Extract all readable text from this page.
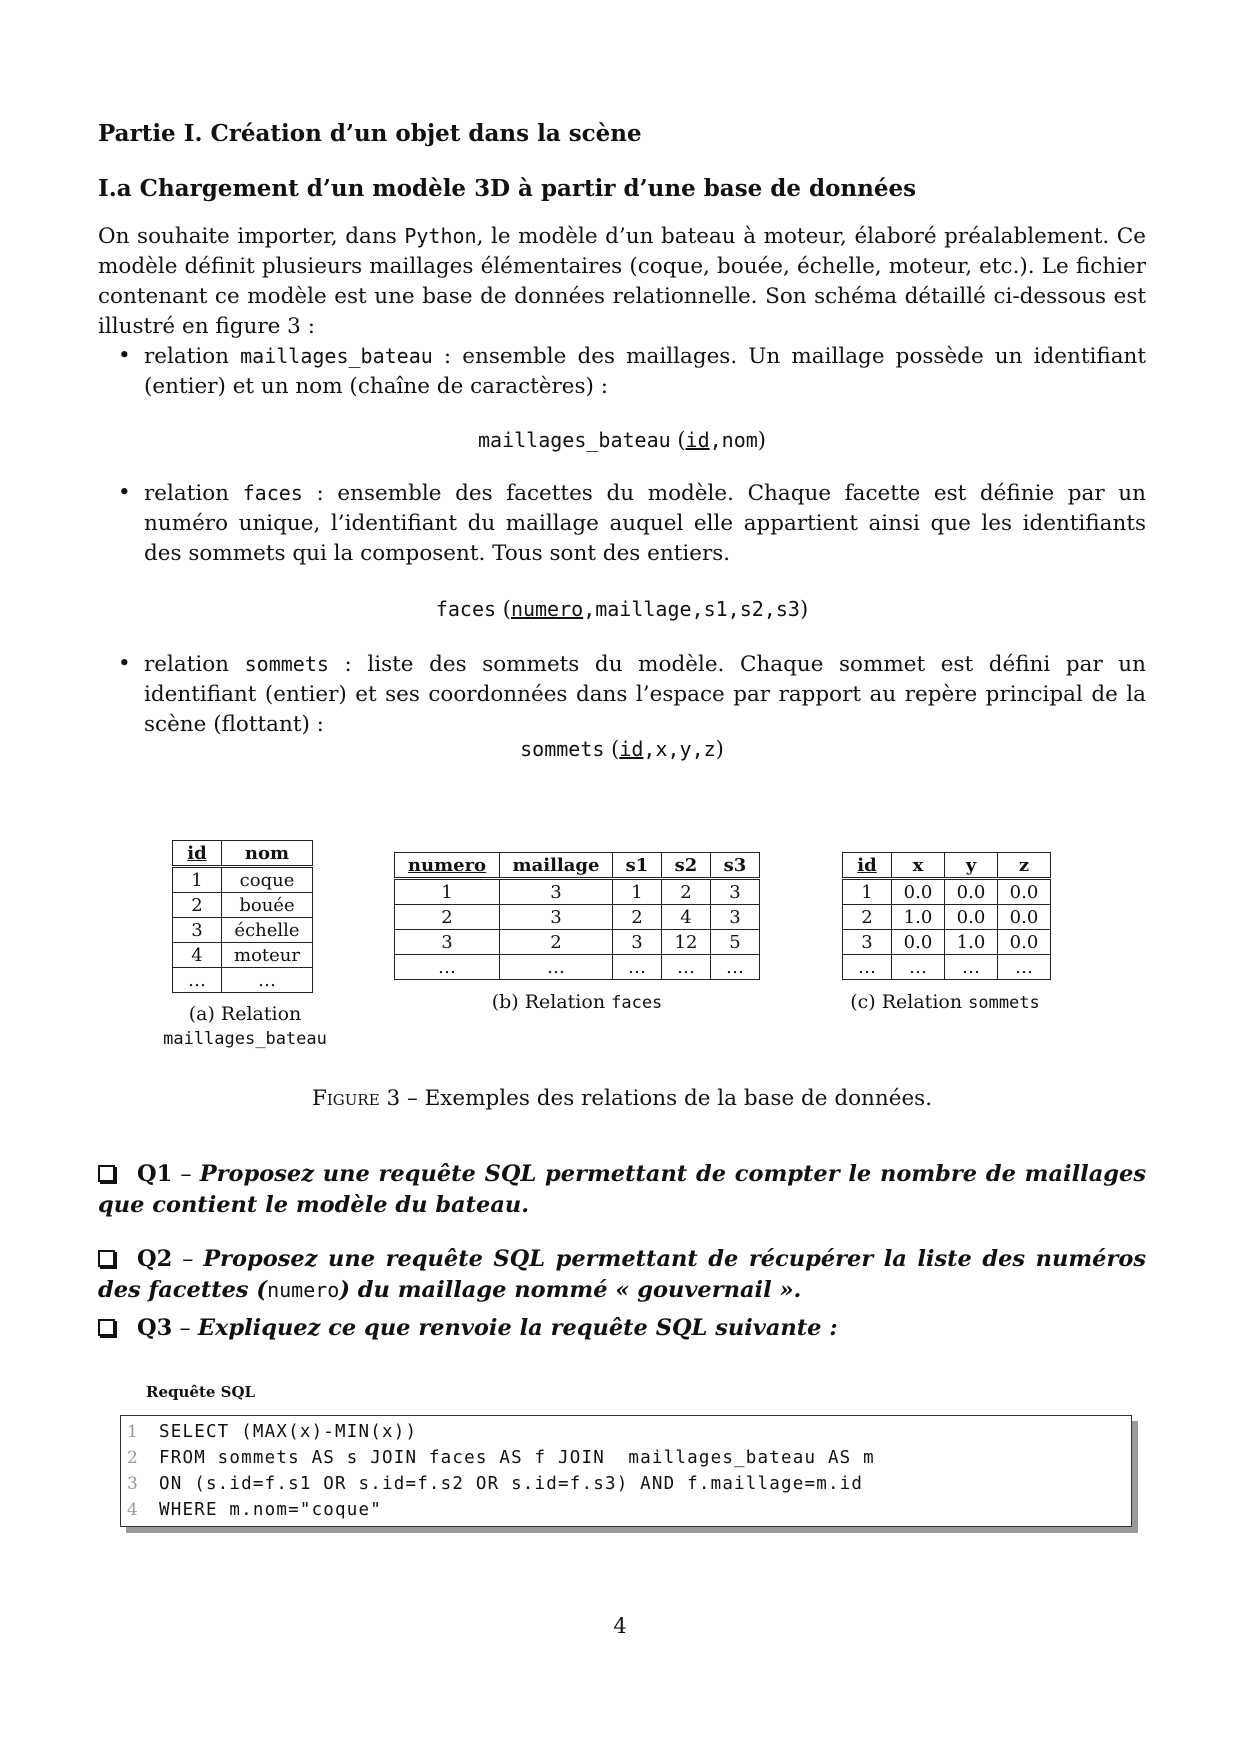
Partie I. Création d’un objet dans la scène
I.a Chargement d’un modèle 3D à partir d’une base de données
On souhaite importer, dans Python, le modèle d’un bateau à moteur, élaboré préalablement. Ce modèle définit plusieurs maillages élémentaires (coque, bouée, échelle, moteur, etc.). Le fichier contenant ce modèle est une base de données relationnelle. Son schéma détaillé ci-dessous est illustré en figure 3 :
• relation maillages_bateau : ensemble des maillages. Un maillage possède un identifiant (entier) et un nom (chaîne de caractères) :
maillages_bateau (id,nom)
• relation faces : ensemble des facettes du modèle. Chaque facette est définie par un numéro unique, l’identifiant du maillage auquel elle appartient ainsi que les identifiants des sommets qui la composent. Tous sont des entiers.
faces (numero,maillage,s1,s2,s3)
• relation sommets : liste des sommets du modèle. Chaque sommet est défini par un identifiant (entier) et ses coordonnées dans l’espace par rapport au repère principal de la scène (flottant) :
sommets (id,x,y,z)
id	nom
1	coque
2	bouée
3	échelle
4	moteur
…	…
(a) Relation
maillages_bateau
numero	maillage	s1	s2	s3
1	3	1	2	3
2	3	2	4	3
3	2	3	12	5
…	…	…	…	…
(b) Relation faces
id	x	y	z
1	0.0	0.0	0.0
2	1.0	0.0	0.0
3	0.0	1.0	0.0
…	…	…	…
(c) Relation sommets
Figure 3 – Exemples des relations de la base de données.
Q1 – Proposez une requête SQL permettant de compter le nombre de maillages que contient le modèle du bateau.
Q2 – Proposez une requête SQL permettant de récupérer la liste des numéros des facettes (numero) du maillage nommé « gouvernail ».
Q3 – Expliquez ce que renvoie la requête SQL suivante :
Requête SQL
1 SELECT (MAX(x)-MIN(x))
2 FROM sommets AS s JOIN faces AS f JOIN  maillages_bateau AS m
3 ON (s.id=f.s1 OR s.id=f.s2 OR s.id=f.s3) AND f.maillage=m.id
4 WHERE m.nom="coque"
4
